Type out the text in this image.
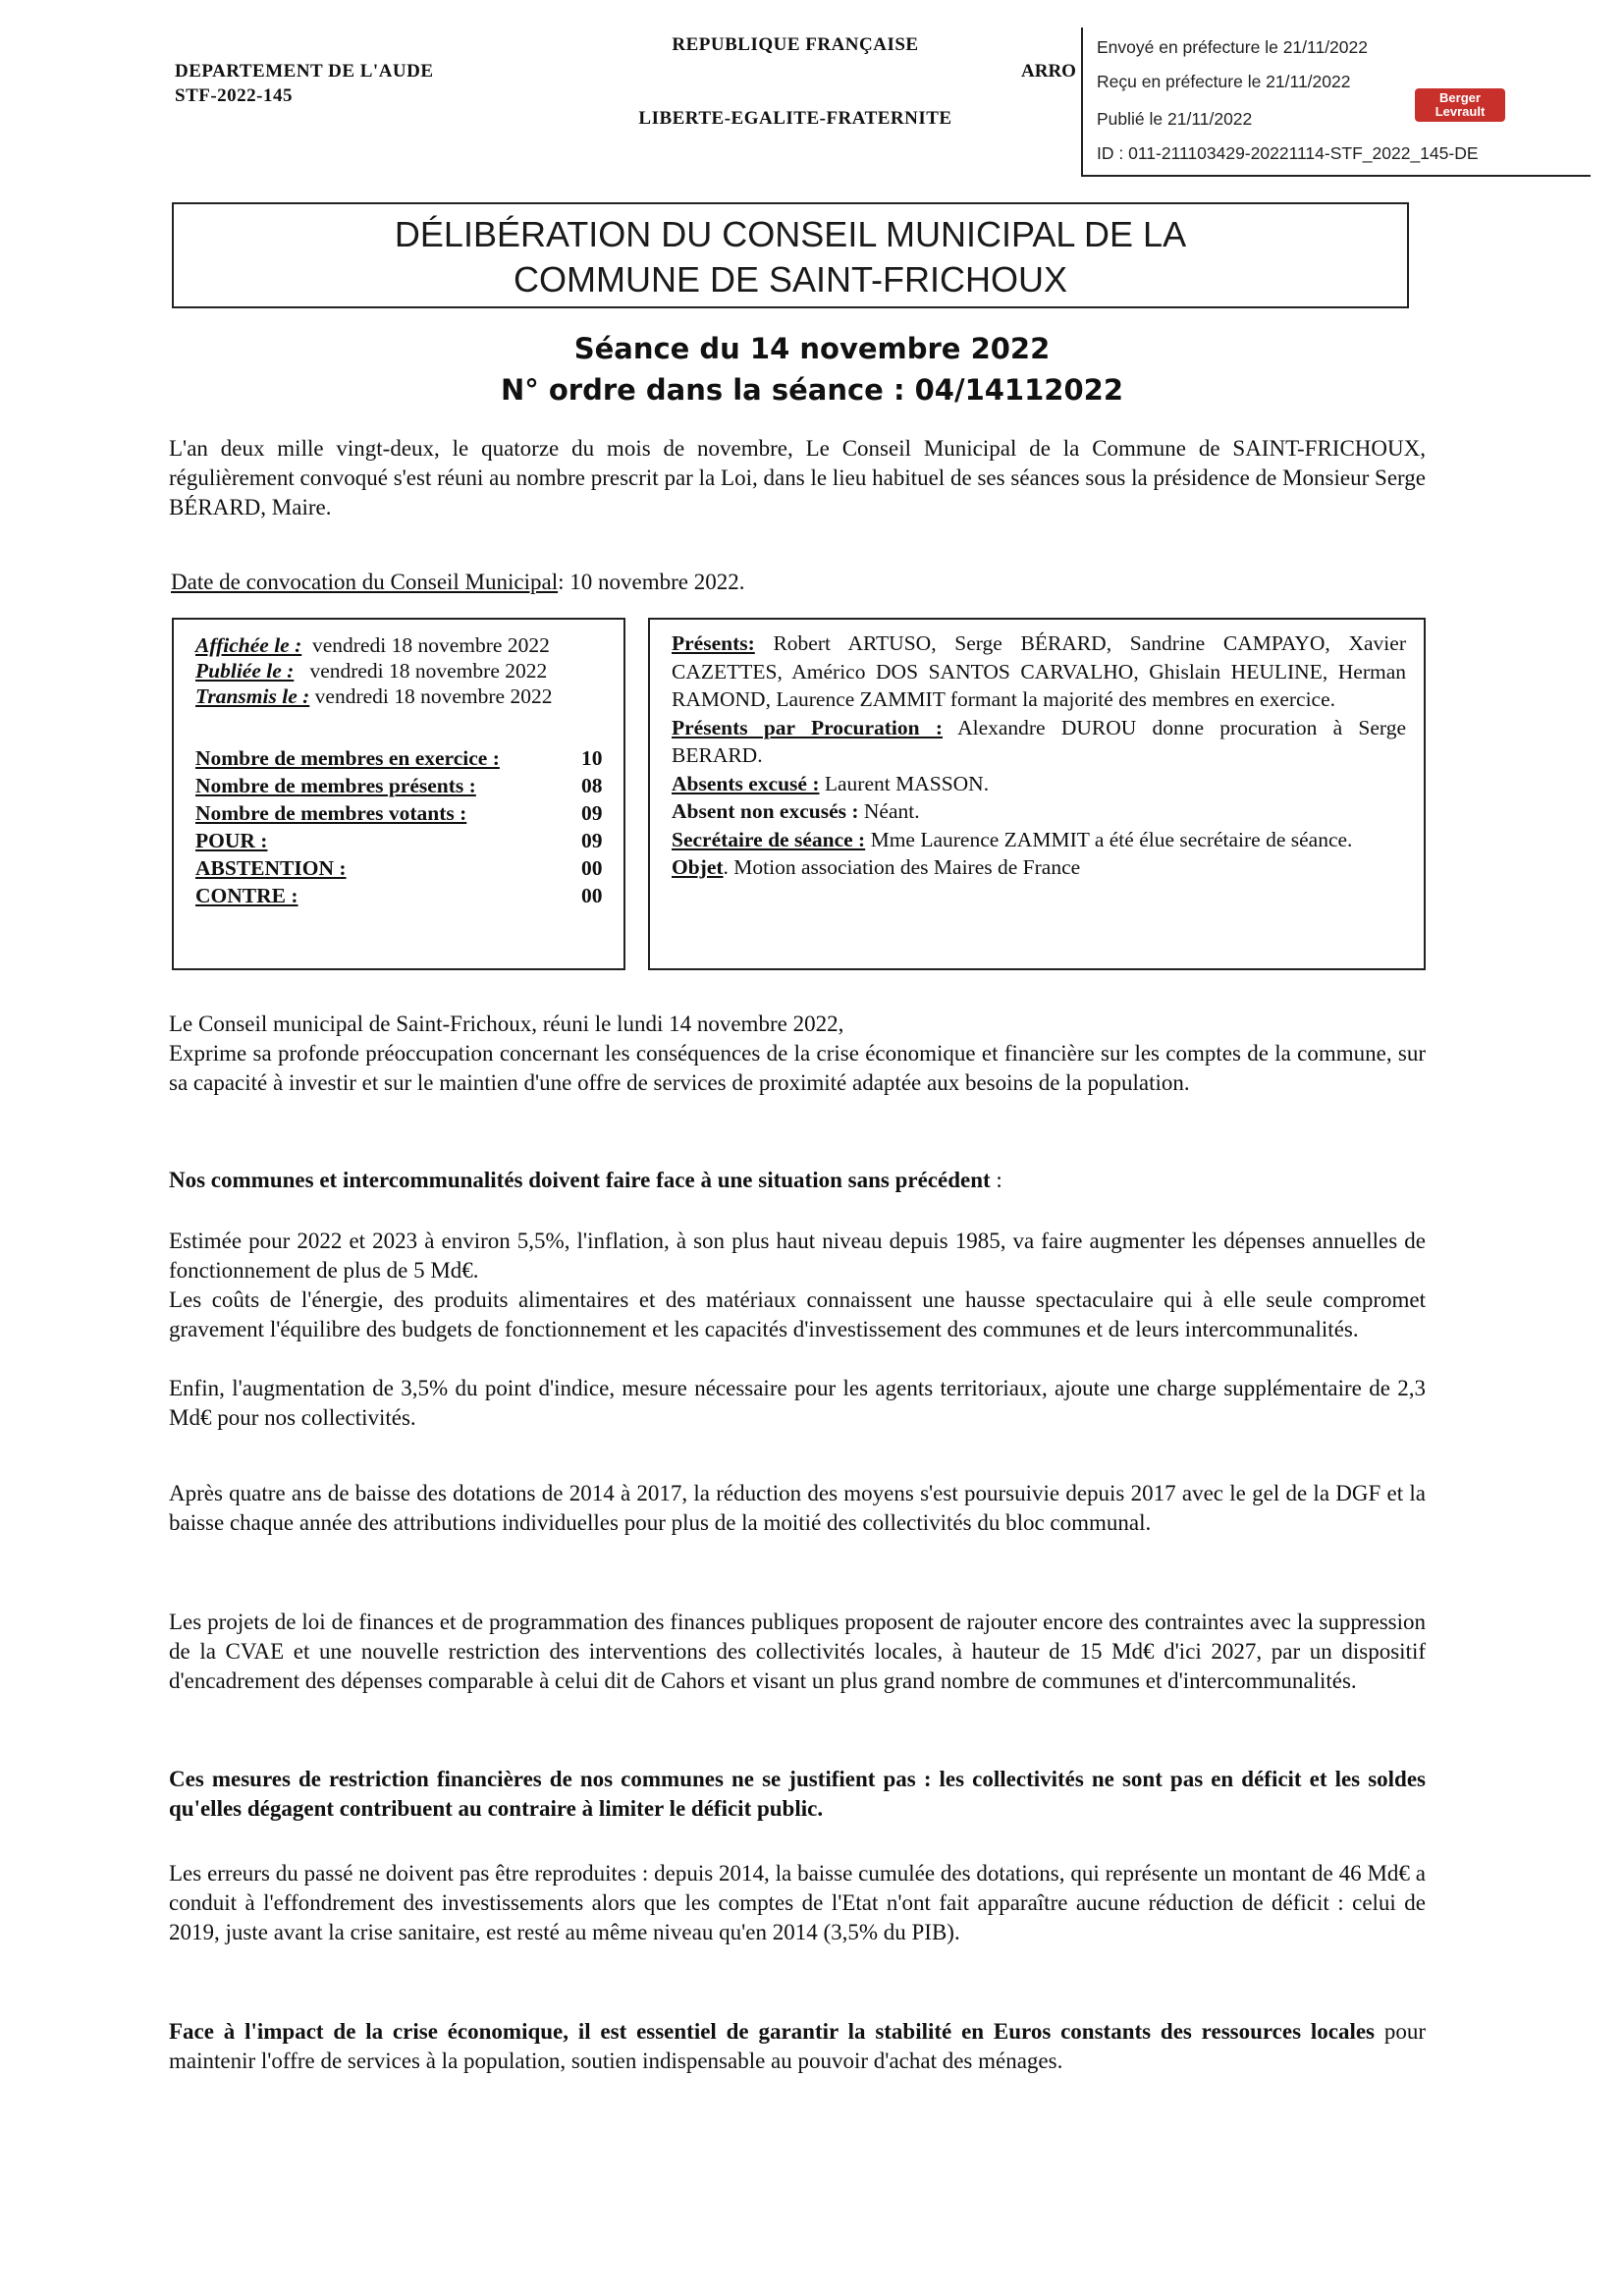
DEPARTEMENT DE L'AUDE
STF-2022-145
REPUBLIQUE FRANÇAISE
LIBERTE-EGALITE-FRATERNITE
ARRO
Envoyé en préfecture le 21/11/2022
Reçu en préfecture le 21/11/2022
Publié le 21/11/2022
ID : 011-211103429-20221114-STF_2022_145-DE
Berger
Levrault
DÉLIBÉRATION DU CONSEIL MUNICIPAL DE LA
COMMUNE DE SAINT-FRICHOUX
Séance du 14 novembre 2022
N° ordre dans la séance : 04/14112022

L'an deux mille vingt-deux, le quatorze du mois de novembre, Le Conseil Municipal de la Commune de SAINT-FRICHOUX, régulièrement convoqué s'est réuni au nombre prescrit par la Loi, dans le lieu habituel de ses séances sous la présidence de Monsieur Serge BÉRARD, Maire.

Date de convocation du Conseil Municipal: 10 novembre 2022.
Affichée le : vendredi 18 novembre 2022
Publiée le : vendredi 18 novembre 2022
Transmis le : vendredi 18 novembre 2022
Nombre de membres en exercice :	10
Nombre de membres présents :	08
Nombre de membres votants :	09
POUR :	09
ABSTENTION :	00
CONTRE :	00
Présents: Robert ARTUSO, Serge BÉRARD, Sandrine CAMPAYO, Xavier CAZETTES, Américo DOS SANTOS CARVALHO, Ghislain HEULINE, Herman RAMOND, Laurence ZAMMIT formant la majorité des membres en exercice.
Présents par Procuration : Alexandre DUROU donne procuration à Serge BERARD.
Absents excusé : Laurent MASSON.
Absent non excusés : Néant.
Secrétaire de séance : Mme Laurence ZAMMIT a été élue secrétaire de séance.
Objet. Motion association des Maires de France

Le Conseil municipal de Saint-Frichoux, réuni le lundi 14 novembre 2022,

Exprime sa profonde préoccupation concernant les conséquences de la crise économique et financière sur les comptes de la commune, sur sa capacité à investir et sur le maintien d'une offre de services de proximité adaptée aux besoins de la population.

Nos communes et intercommunalités doivent faire face à une situation sans précédent :

Estimée pour 2022 et 2023 à environ 5,5%, l'inflation, à son plus haut niveau depuis 1985, va faire augmenter les dépenses annuelles de fonctionnement de plus de 5 Md€.

Les coûts de l'énergie, des produits alimentaires et des matériaux connaissent une hausse spectaculaire qui à elle seule compromet gravement l'équilibre des budgets de fonctionnement et les capacités d'investissement des communes et de leurs intercommunalités.

Enfin, l'augmentation de 3,5% du point d'indice, mesure nécessaire pour les agents territoriaux, ajoute une charge supplémentaire de 2,3 Md€ pour nos collectivités.

Après quatre ans de baisse des dotations de 2014 à 2017, la réduction des moyens s'est poursuivie depuis 2017 avec le gel de la DGF et la baisse chaque année des attributions individuelles pour plus de la moitié des collectivités du bloc communal.

Les projets de loi de finances et de programmation des finances publiques proposent de rajouter encore des contraintes avec la suppression de la CVAE et une nouvelle restriction des interventions des collectivités locales, à hauteur de 15 Md€ d'ici 2027, par un dispositif d'encadrement des dépenses comparable à celui dit de Cahors et visant un plus grand nombre de communes et d'intercommunalités.

Ces mesures de restriction financières de nos communes ne se justifient pas : les collectivités ne sont pas en déficit et les soldes qu'elles dégagent contribuent au contraire à limiter le déficit public.

Les erreurs du passé ne doivent pas être reproduites : depuis 2014, la baisse cumulée des dotations, qui représente un montant de 46 Md€ a conduit à l'effondrement des investissements alors que les comptes de l'Etat n'ont fait apparaître aucune réduction de déficit : celui de 2019, juste avant la crise sanitaire, est resté au même niveau qu'en 2014 (3,5% du PIB).

Face à l'impact de la crise économique, il est essentiel de garantir la stabilité en Euros constants des ressources locales pour maintenir l'offre de services à la population, soutien indispensable au pouvoir d'achat des ménages.
